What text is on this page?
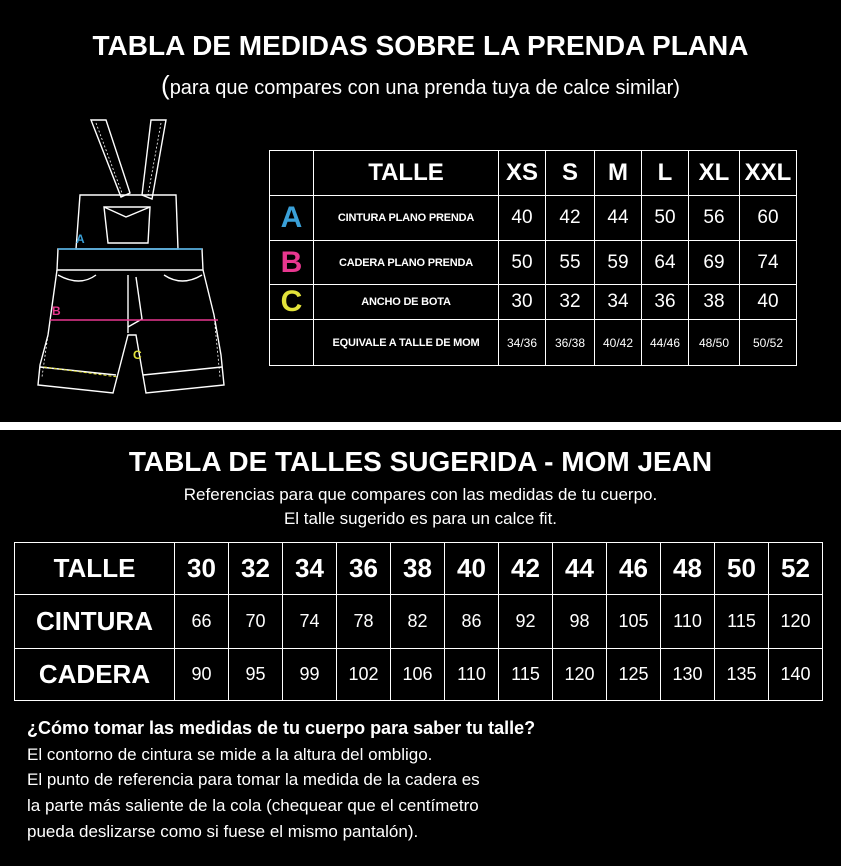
TABLA DE MEDIDAS SOBRE LA PRENDA PLANA
(para que compares con una prenda tuya de calce similar)
A
B
C
	TALLE	XS	S	M	L	XL	XXL
A	CINTURA PLANO PRENDA	40	42	44	50	56	60
B	CADERA PLANO PRENDA	50	55	59	64	69	74
C	ANCHO DE BOTA	30	32	34	36	38	40
	EQUIVALE A TALLE DE MOM	34/36	36/38	40/42	44/46	48/50	50/52
TABLA DE TALLES SUGERIDA - MOM JEAN
Referencias para que compares con las medidas de tu cuerpo.
El talle sugerido es para un calce fit.
TALLE	30	32	34	36	38	40	42	44	46	48	50	52
CINTURA	66	70	74	78	82	86	92	98	105	110	115	120
CADERA	90	95	99	102	106	110	115	120	125	130	135	140
¿Cómo tomar las medidas de tu cuerpo para saber tu talle?
El contorno de cintura se mide a la altura del ombligo.
El punto de referencia para tomar la medida de la cadera es
la parte más saliente de la cola (chequear que el centímetro
pueda deslizarse como si fuese el mismo pantalón).
